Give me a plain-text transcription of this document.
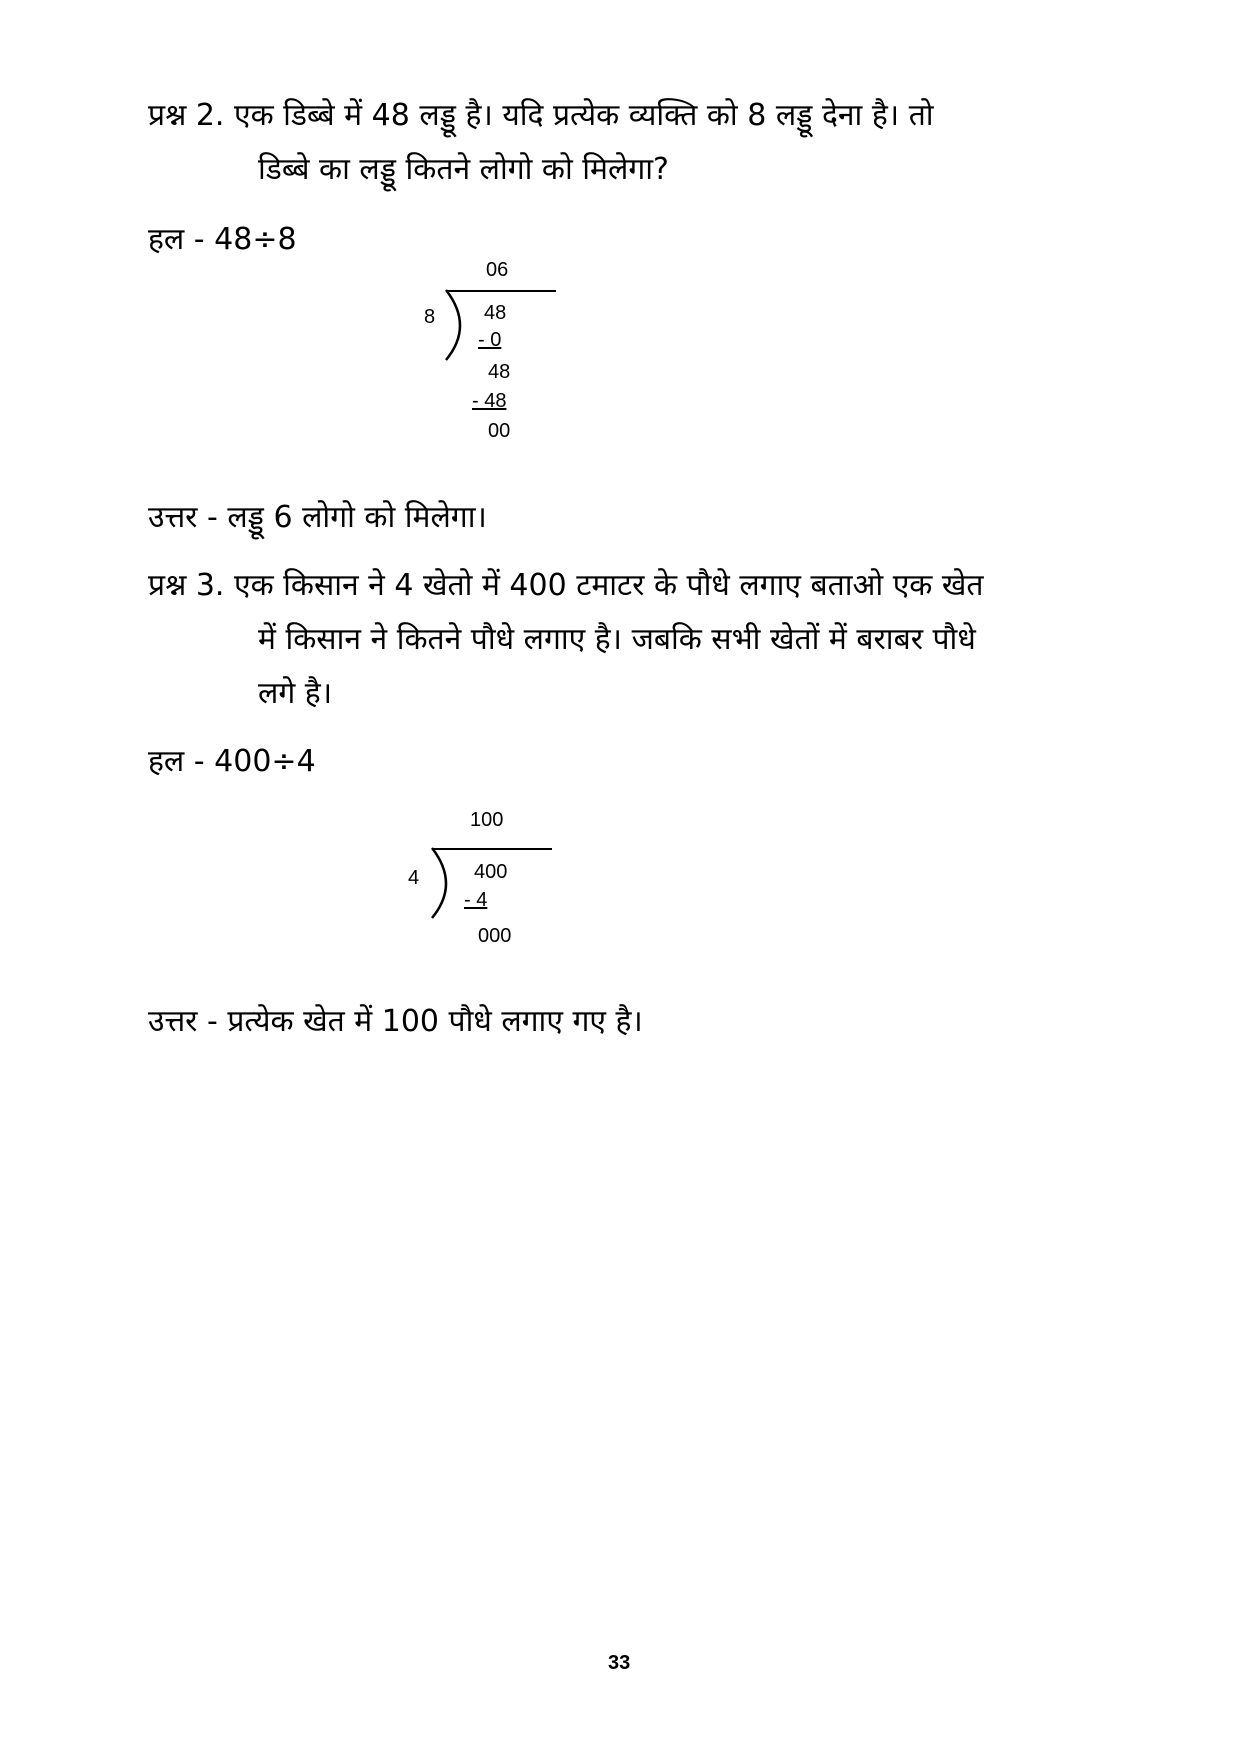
प्रश्न 2. एक डिब्बे में 48 लड्डू है। यदि प्रत्येक व्यक्ति को 8 लड्डू देना है। तो
डिब्बे का लड्डू कितने लोगो को मिलेगा?
हल - 48÷8
06
8 48
- 0
48
- 48
00
उत्तर - लड्डू 6 लोगो को मिलेगा।
प्रश्न 3. एक किसान ने 4 खेतो में 400 टमाटर के पौधे लगाए बताओ एक खेत
में किसान ने कितने पौधे लगाए है। जबकि सभी खेतों में बराबर पौधे
लगे है।
हल - 400÷4
100
4	400
- 4
000
उत्तर - प्रत्येक खेत में 100 पौधे लगाए गए है।
33
